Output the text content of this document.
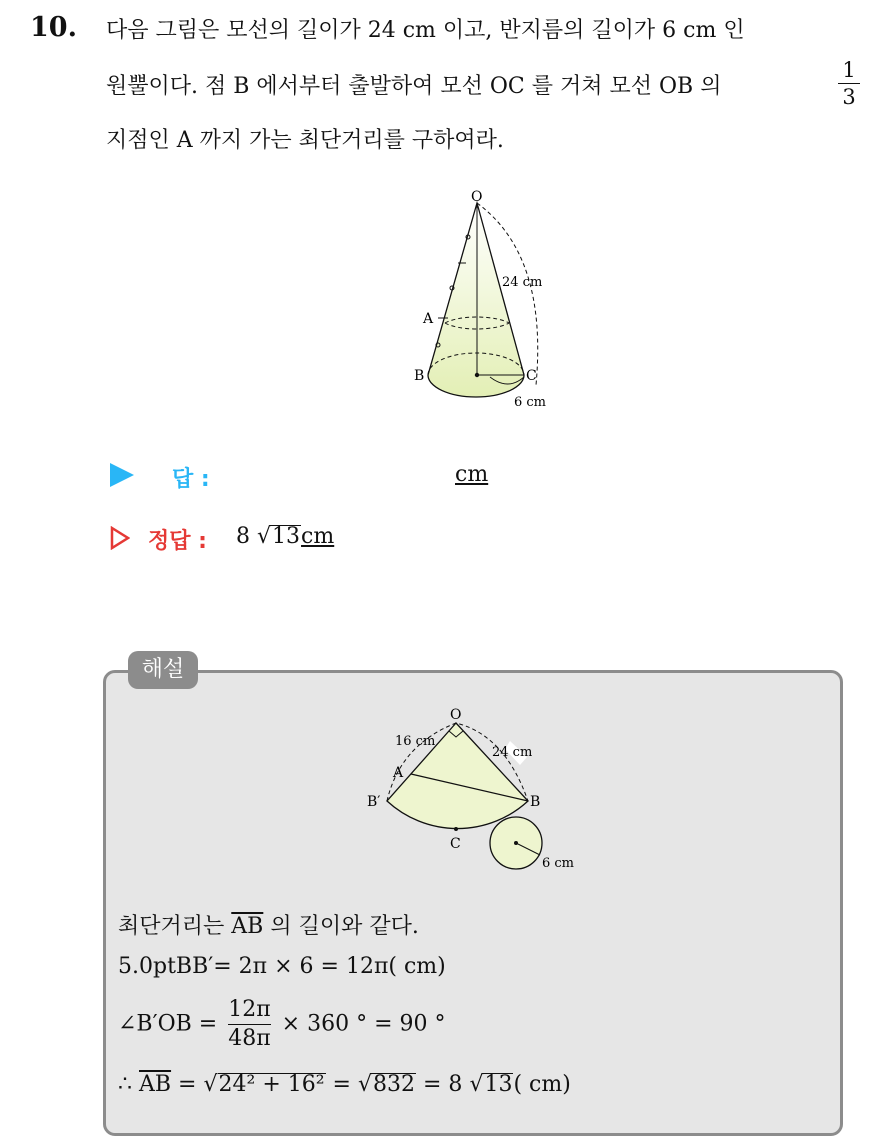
10. 다음 그림은 모선의 길이가 24 cm 이고, 반지름의 길이가 6 cm 인
원뿔이다. 점 B 에서부터 출발하여 모선 OC 를 거쳐 모선 OB 의
1
3
지점인 A 까지 가는 최단거리를 구하여라.
O
A
B	C
24 cm
6 cm
답 :	cm
정답 : 8 √13cm
해설
O
16 cm
24 cm
A
B′	B
C
6 cm
최단거리는 $\overline{AB}$ 의 길이와 같다.
5.0ptBB′= 2π × 6 = 12π( cm)
∠B′OB = $\frac{12\pi}{48\pi} \times 360$ ° = 90 °
∴ $\overline{AB} = √24^2 + 16^2 = √832 = 8$ √13( cm)
